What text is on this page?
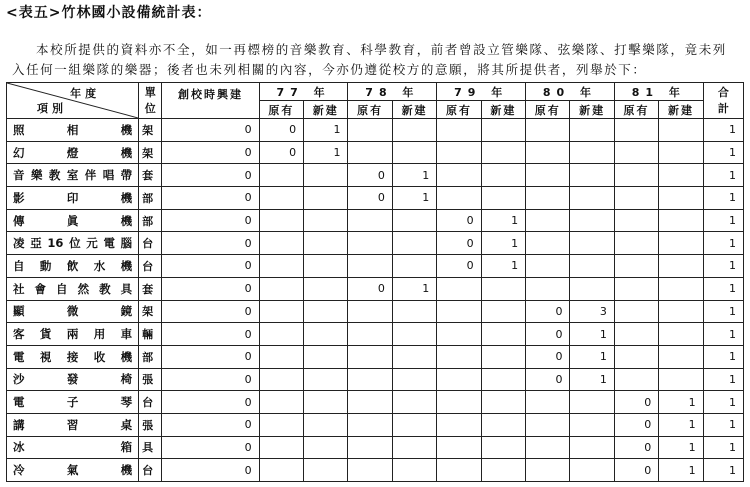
<表五>竹林國小設備統計表：

本校所提供的資料亦不全，如一再標榜的音樂教育、科學教育，前者曾設立管樂隊、弦樂隊、打擊樂隊，竟未列入任何一組樂隊的樂器；後者也未列相關的內容，今亦仍遵從校方的意願，將其所提供者，列舉於下：

年度
項別	單
位	創校時興建	77 年		78 年		79 年		80 年		81 年		合
計
			原有	新建	原有	新建	原有	新建	原有	新建	原有	新建	
照相機	架	0	0	1									1
幻燈機	架	0	0	1									1
音樂教室伴唱帶	套	0			0	1							1
影印機	部	0			0	1							1
傳眞機	部	0					0	1					1
凌亞16位元電腦	台	0					0	1					1
自動飲水機	台	0					0	1					1
社會自然教具	套	0			0	1							1
顯微鏡	架	0							0	3			1
客貨兩用車	輛	0							0	1			1
電視接收機	部	0							0	1			1
沙發椅	張	0							0	1			1
電子琴	台	0									0	1	1
講習桌	張	0									0	1	1
冰箱	具	0									0	1	1
冷氣機	台	0									0	1	1
